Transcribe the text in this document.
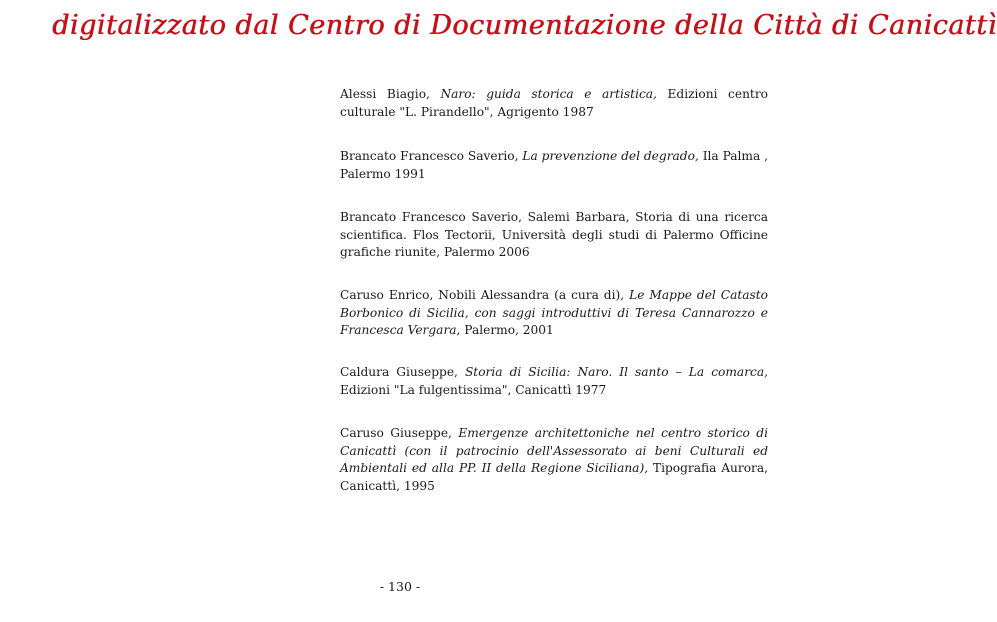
digitalizzato dal Centro di Documentazione della Città di Canicattì

Alessi Biagio, Naro: guida storica e artistica, Edizioni centro culturale "L. Pirandello", Agrigento 1987

Brancato Francesco Saverio, La prevenzione del degrado, Ila Palma , Palermo 1991

Brancato Francesco Saverio, Salemi Barbara, Storia di una ricerca scientifica. Flos Tectorii, Università degli studi di Palermo Officine grafiche riunite, Palermo 2006

Caruso Enrico, Nobili Alessandra (a cura di), Le Mappe del Catasto Borbonico di Sicilia, con saggi introduttivi di Teresa Cannarozzo e Francesca Vergara, Palermo, 2001

Caldura Giuseppe, Storia di Sicilia: Naro. Il santo – La comarca, Edizioni "La fulgentissima", Canicattì 1977

Caruso Giuseppe, Emergenze architettoniche nel centro storico di Canicattì (con il patrocinio dell'Assessorato ai beni Culturali ed Ambientali ed alla PP. II della Regione Siciliana), Tipografia Aurora, Canicattì, 1995

- 130 -
